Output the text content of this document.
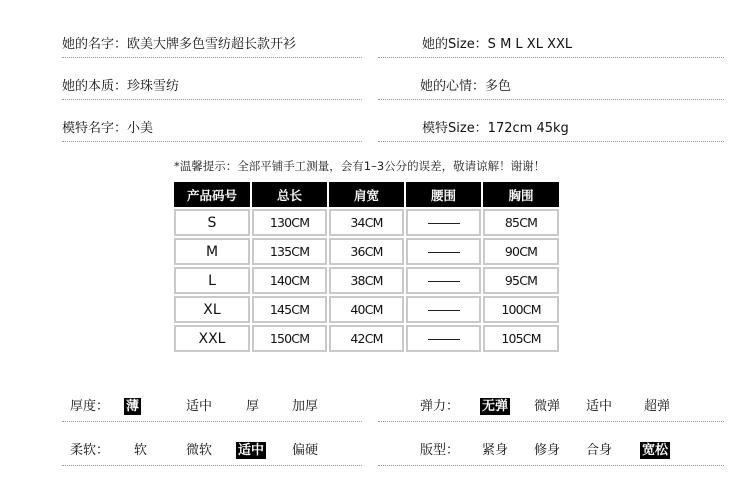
她的名字：欧美大牌多色雪纺超长款开衫	她的Size：S M L XL XXL
她的本质：珍珠雪纺	她的心情：多色
模特名字：小美	模特Size：172cm 45kg
*温馨提示：全部平铺手工测量，会有1–3公分的误差，敬请谅解！谢谢！
产品码号	总长	肩宽	腰围	胸围
S	130CM	34CM		85CM
M	135CM	36CM		90CM
L	140CM	38CM		95CM
XL	145CM	40CM		100CM
XXL	150CM	42CM		105CM
厚度： 薄	适中	厚	加厚	弹力： 无弹 微弹 适中 超弹
柔软： 软	微软 适中 偏硬	版型： 紧身 修身 合身 宽松
